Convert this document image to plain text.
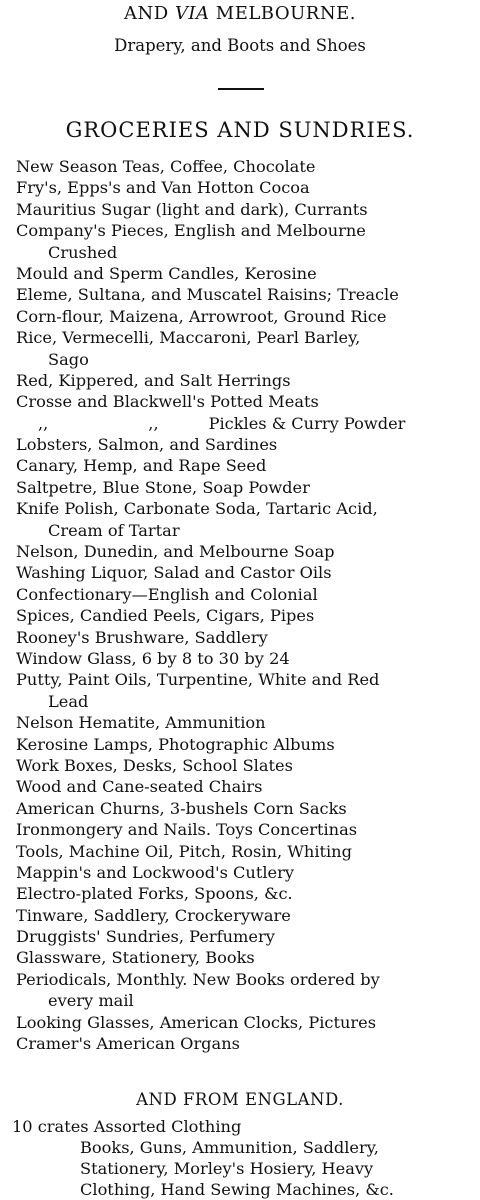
AND VIA MELBOURNE.
Drapery, and Boots and Shoes
GROCERIES AND SUNDRIES.
New Season Teas, Coffee, Chocolate
Fry's, Epps's and Van Hotton Cocoa
Mauritius Sugar (light and dark), Currants
Company's Pieces, English and Melbourne
Crushed
Mould and Sperm Candles, Kerosine
Eleme, Sultana, and Muscatel Raisins; Treacle
Corn-flour, Maizena, Arrowroot, Ground Rice
Rice, Vermecelli, Maccaroni, Pearl Barley,
Sago
Red, Kippered, and Salt Herrings
Crosse and Blackwell's Potted Meats
,,	,,	Pickles & Curry Powder
Lobsters, Salmon, and Sardines
Canary, Hemp, and Rape Seed
Saltpetre, Blue Stone, Soap Powder
Knife Polish, Carbonate Soda, Tartaric Acid,
Cream of Tartar
Nelson, Dunedin, and Melbourne Soap
Washing Liquor, Salad and Castor Oils
Confectionary—English and Colonial
Spices, Candied Peels, Cigars, Pipes
Rooney's Brushware, Saddlery
Window Glass, 6 by 8 to 30 by 24
Putty, Paint Oils, Turpentine, White and Red
Lead
Nelson Hematite, Ammunition
Kerosine Lamps, Photographic Albums
Work Boxes, Desks, School Slates
Wood and Cane-seated Chairs
American Churns, 3-bushels Corn Sacks
Ironmongery and Nails. Toys Concertinas
Tools, Machine Oil, Pitch, Rosin, Whiting
Mappin's and Lockwood's Cutlery
Electro-plated Forks, Spoons, &c.
Tinware, Saddlery, Crockeryware
Druggists' Sundries, Perfumery
Glassware, Stationery, Books
Periodicals, Monthly. New Books ordered by
every mail
Looking Glasses, American Clocks, Pictures
Cramer's American Organs
AND FROM ENGLAND.
10 crates Assorted Clothing
Books, Guns, Ammunition, Saddlery,
Stationery, Morley's Hosiery, Heavy
Clothing, Hand Sewing Machines, &c.
